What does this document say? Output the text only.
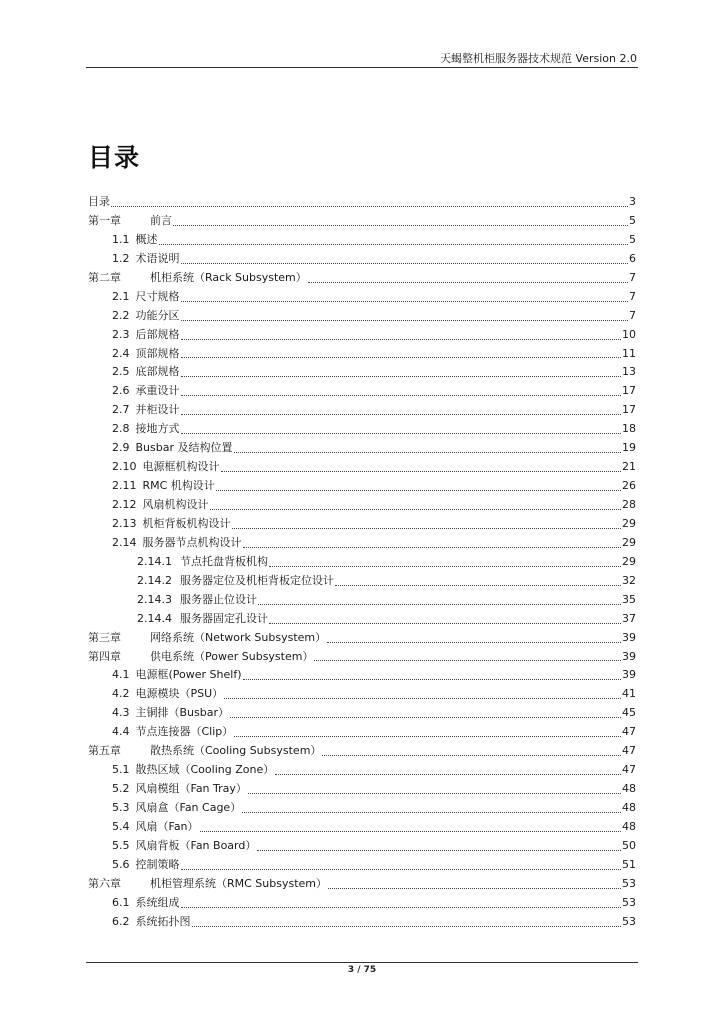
天蝎整机柜服务器技术规范 Version 2.0
目录
目录	3
第一章	前言	5
1.1 概述	5
1.2 术语说明	6
第二章	机柜系统（Rack Subsystem）	7
2.1 尺寸规格	7
2.2 功能分区	7
2.3 后部规格	10
2.4 顶部规格	11
2.5 底部规格	13
2.6 承重设计	17
2.7 并柜设计	17
2.8 接地方式	18
2.9 Busbar 及结构位置	19
2.10 电源框机构设计	21
2.11 RMC 机构设计	26
2.12 风扇机构设计	28
2.13 机柜背板机构设计	29
2.14 服务器节点机构设计	29
2.14.1 节点托盘背板机构	29
2.14.2 服务器定位及机柜背板定位设计	32
2.14.3 服务器止位设计	35
2.14.4 服务器固定孔设计	37
第三章	网络系统（Network Subsystem）	39
第四章	供电系统（Power Subsystem）	39
4.1 电源框(Power Shelf)	39
4.2 电源模块（PSU）	41
4.3 主铜排（Busbar）	45
4.4 节点连接器（Clip）	47
第五章	散热系统（Cooling Subsystem）	47
5.1 散热区域（Cooling Zone）	47
5.2 风扇模组（Fan Tray）	48
5.3 风扇盒（Fan Cage）	48
5.4 风扇（Fan）	48
5.5 风扇背板（Fan Board）	50
5.6 控制策略	51
第六章	机柜管理系统（RMC Subsystem）	53
6.1 系统组成	53
6.2 系统拓扑图	53
3 / 75
